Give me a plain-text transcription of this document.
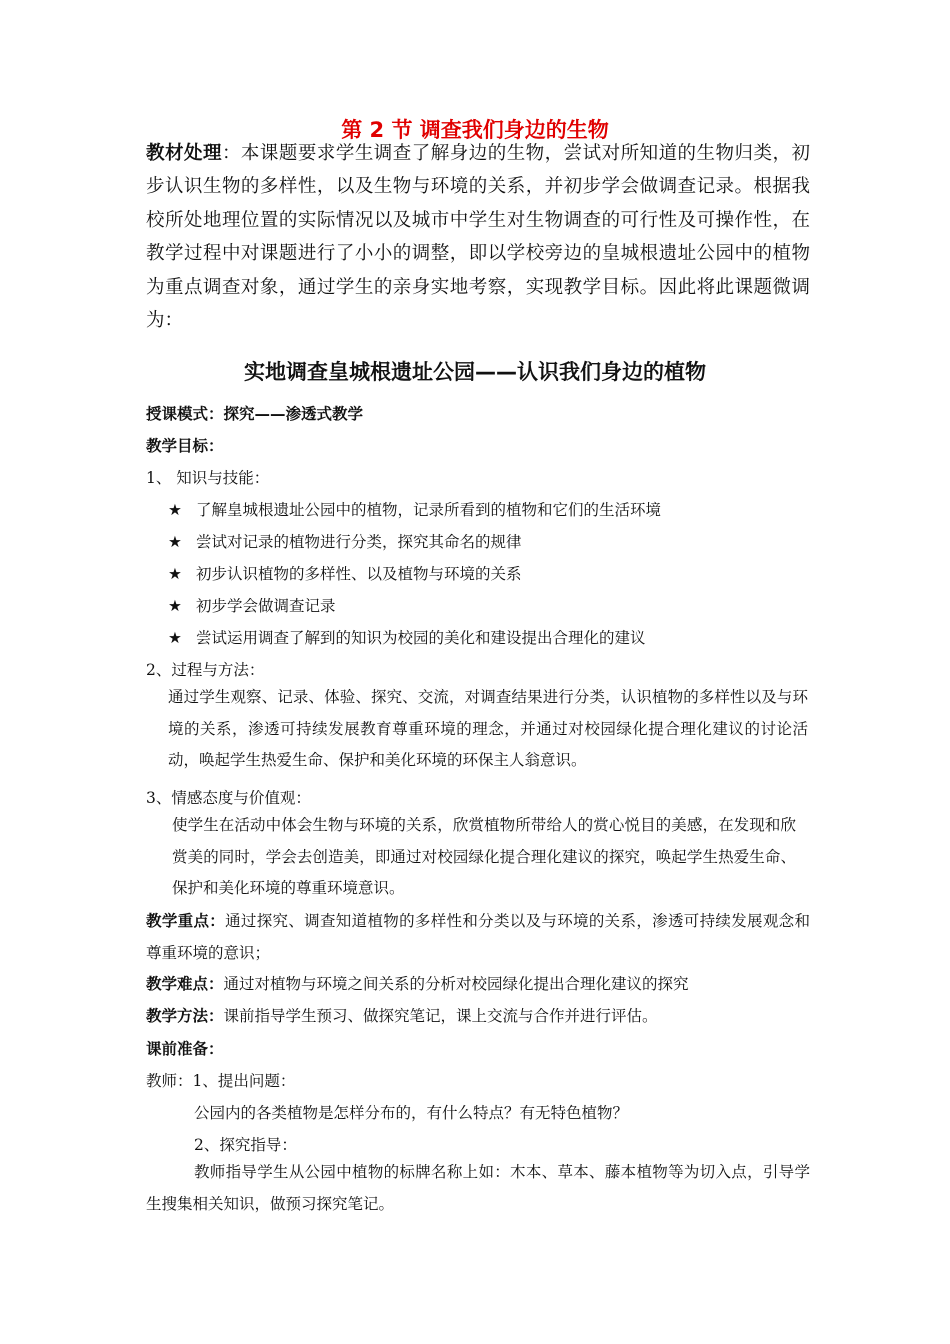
第 2 节 调查我们身边的生物
教材处理：本课题要求学生调查了解身边的生物，尝试对所知道的生物归类，初步认识生物的多样性，以及生物与环境的关系，并初步学会做调查记录。根据我校所处地理位置的实际情况以及城市中学生对生物调查的可行性及可操作性，在教学过程中对课题进行了小小的调整，即以学校旁边的皇城根遗址公园中的植物为重点调查对象，通过学生的亲身实地考察，实现教学目标。因此将此课题微调为：
实地调查皇城根遗址公园——认识我们身边的植物
授课模式：探究——渗透式教学
教学目标：
1、 知识与技能：
★ 了解皇城根遗址公园中的植物，记录所看到的植物和它们的生活环境
★ 尝试对记录的植物进行分类，探究其命名的规律
★ 初步认识植物的多样性、以及植物与环境的关系
★ 初步学会做调查记录
★ 尝试运用调查了解到的知识为校园的美化和建设提出合理化的建议
2、过程与方法：
通过学生观察、记录、体验、探究、交流，对调查结果进行分类，认识植物的多样性以及与环境的关系，渗透可持续发展教育尊重环境的理念，并通过对校园绿化提合理化建议的讨论活动，唤起学生热爱生命、保护和美化环境的环保主人翁意识。
3、情感态度与价值观：
使学生在活动中体会生物与环境的关系，欣赏植物所带给人的赏心悦目的美感，在发现和欣赏美的同时，学会去创造美，即通过对校园绿化提合理化建议的探究，唤起学生热爱生命、保护和美化环境的尊重环境意识。
教学重点：通过探究、调查知道植物的多样性和分类以及与环境的关系，渗透可持续发展观念和尊重环境的意识；
教学难点：通过对植物与环境之间关系的分析对校园绿化提出合理化建议的探究
教学方法：课前指导学生预习、做探究笔记，课上交流与合作并进行评估。
课前准备：
教师：1、提出问题：
公园内的各类植物是怎样分布的，有什么特点？有无特色植物？
2、探究指导：
教师指导学生从公园中植物的标牌名称上如：木本、草本、藤本植物等为切入点，引导学生搜集相关知识，做预习探究笔记。
